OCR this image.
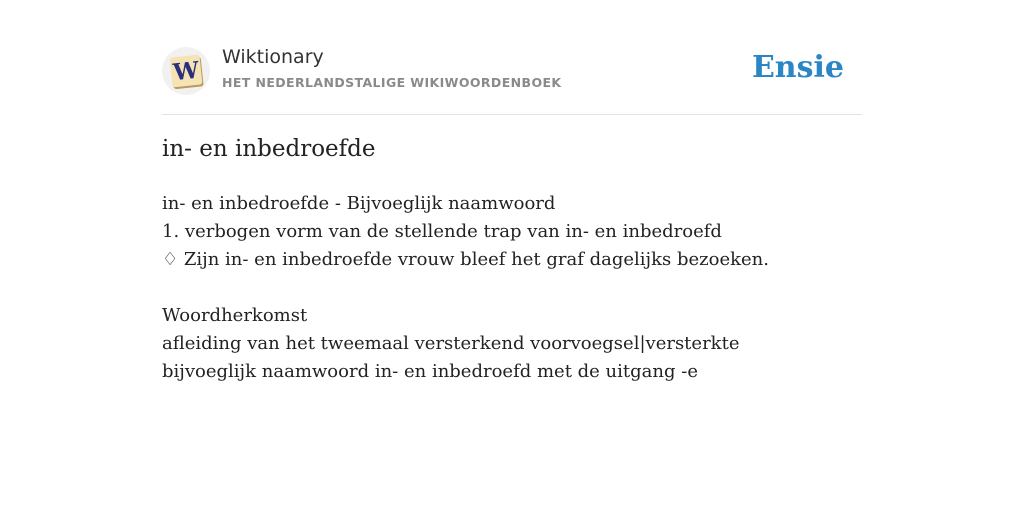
W Wiktionary
HET NEDERLANDSTALIGE WIKIWOORDENBOEK	Ensie
in- en inbedroefde
in- en inbedroefde - Bijvoeglijk naamwoord
1. verbogen vorm van de stellende trap van in- en inbedroefd
♢ Zijn in- en inbedroefde vrouw bleef het graf dagelijks bezoeken.
Woordherkomst
afleiding van het tweemaal versterkend voorvoegsel|versterkte bijvoeglijk naamwoord in- en inbedroefd met de uitgang -e
